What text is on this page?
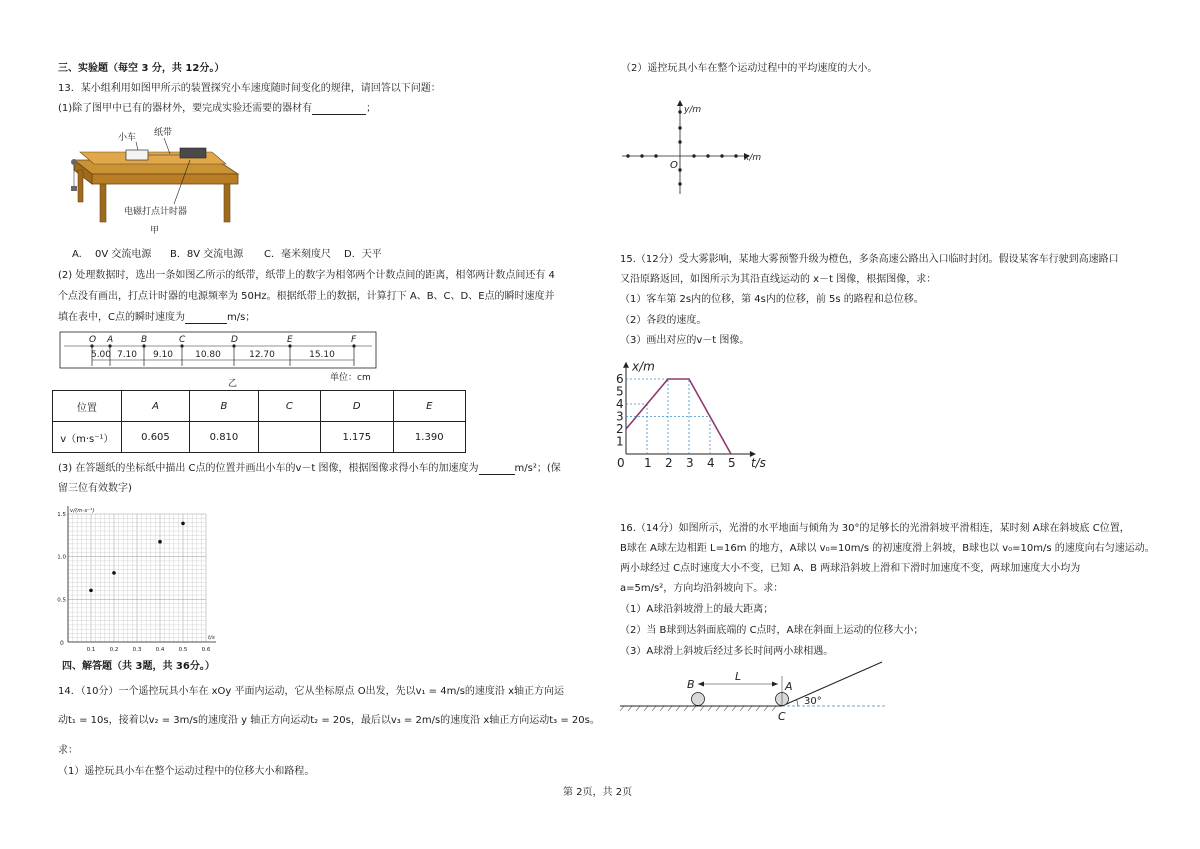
三、实验题（每空 3 分，共 12分。）
13．某小组利用如图甲所示的装置探究小车速度随时间变化的规律，请回答以下问题：
(1)除了图甲中已有的器材外，要完成实验还需要的器材有	；
小车 纸带
电磁打点计时器
甲
A.　 0V 交流电源 B．8V 交流电源 C．毫米刻度尺 D．天平
(2) 处理数据时，选出一条如图乙所示的纸带，纸带上的数字为相邻两个计数点间的距离，相邻两计数点间还有 4
个点没有画出，打点计时器的电源频率为 50Hz。根据纸带上的数据，计算打下 A、B、C、D、E点的瞬时速度并
填在表中，C点的瞬时速度为	m/s；
O A	B	C	D	E	F
5.00 7.10 9.10 10.80	12.70	15.10
乙
单位：cm
位置	A	B	C	D	E
v（m·s⁻¹）	0.605	0.810		1.175	1.390
(3) 在答题纸的坐标纸中描出 C点的位置并画出小车的v－t 图像，根据图像求得小车的加速度为	m/s²；(保
留三位有效数字)
0
0.1	0.2	0.3	0.4	0.5	0.6
0.5
1.0
1.5
t/s
v/(m·s⁻¹)
四、解答题（共 3题，共 36分。）
14．（10分）一个遥控玩具小车在 xOy 平面内运动，它从坐标原点 O出发，先以v₁ = 4m/s的速度沿 x轴正方向运
动t₁ = 10s，接着以v₂ = 3m/s的速度沿 y 轴正方向运动t₂ = 20s，最后以v₃ = 2m/s的速度沿 x轴正方向运动t₃ = 20s。
求：
（1）遥控玩具小车在整个运动过程中的位移大小和路程。
（2）遥控玩具小车在整个运动过程中的平均速度的大小。
y/m
x/m
O
15.（12分）受大雾影响，某地大雾预警升级为橙色，多条高速公路出入口临时封闭。假设某客车行驶到高速路口
又沿原路返回，如图所示为其沿直线运动的 x－t 图像，根据图像，求：
（1）客车第 2s内的位移，第 4s内的位移，前 5s 的路程和总位移。
（2）各段的速度。
（3）画出对应的v－t 图像。
0 1 2 3 4 5
1
2
3
4
5
6
t/s
x/m
16.（14分）如图所示，光滑的水平地面与倾角为 30°的足够长的光滑斜坡平滑相连，某时刻 A球在斜坡底 C位置，
B球在 A球左边相距 L=16m 的地方，A球以 v₀=10m/s 的初速度滑上斜坡，B球也以 v₀=10m/s 的速度向右匀速运动。
两小球经过 C点时速度大小不变，已知 A、B 两球沿斜坡上滑和下滑时加速度不变，两球加速度大小均为
a=5m/s²，方向均沿斜坡向下。求：
（1）A球沿斜坡滑上的最大距离；
（2）当 B球到达斜面底端的 C点时，A球在斜面上运动的位移大小；
（3）A球滑上斜坡后经过多长时间两小球相遇。
B
L
A
C
30°
第 2页，共 2页
